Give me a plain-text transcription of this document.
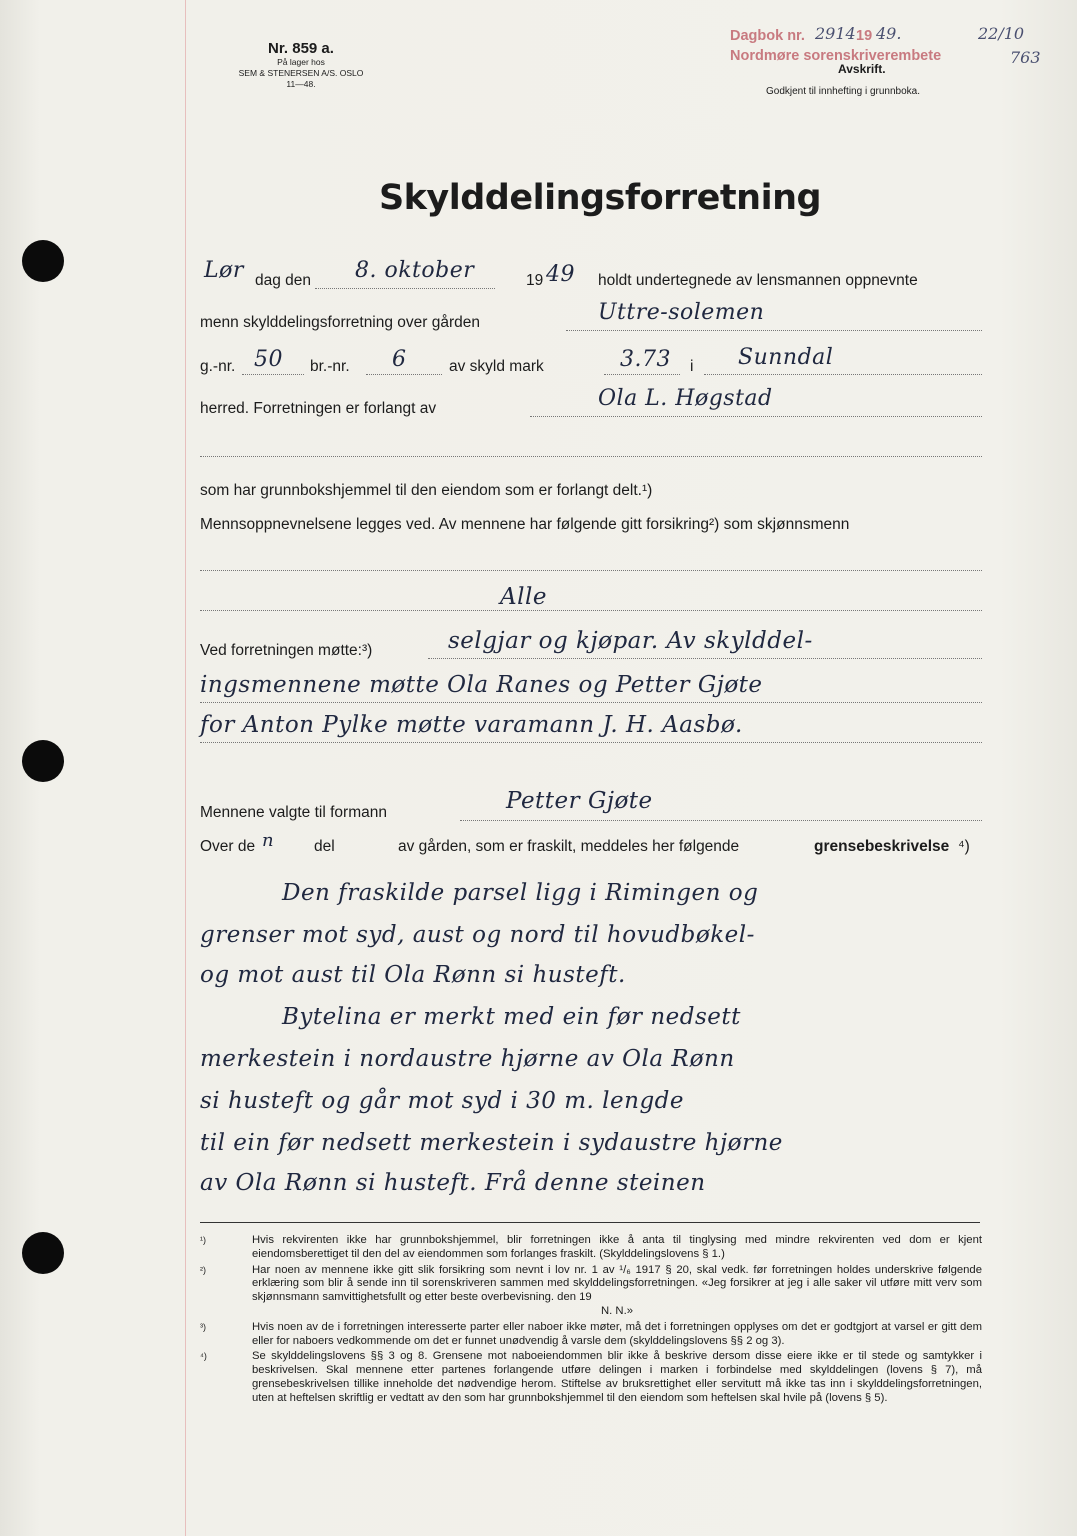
Nr. 859 a.
På lager hos
SEM & STENERSEN A/S. OSLO
11—48.
Dagbok nr.
Nordmøre sorenskriverembete
2914 19 49.	22/10
763
Avskrift.
Godkjent til innhefting i grunnboka.
Skylddelingsforretning
Lør dag den 8. oktober	19 49 holdt undertegnede av lensmannen oppnevnte
menn skylddelingsforretning over gården	Uttre-solemen
g.-nr. 50 br.-nr. 6	av skyld mark	3.73 i Sunndal
herred. Forretningen er forlangt av	Ola L. Høgstad
som har grunnbokshjemmel til den eiendom som er forlangt delt.¹)
Mennsoppnevnelsene legges ved. Av mennene har følgende gitt forsikring²) som skjønnsmenn
Alle
Ved forretningen møtte:³)	selgjar og kjøpar. Av skylddel-
ingsmennene møtte Ola Ranes og Petter Gjøte
for Anton Pylke møtte varamann J. H. Aasbø.
Mennene valgte til formann	Petter Gjøte
Over de n	del	av gården, som er fraskilt, meddeles her følgende	grensebeskrivelse ⁴)
Den fraskilde parsel ligg i Rimingen og
grenser mot syd, aust og nord til hovudbøkel-
og mot aust til Ola Rønn si husteft.
Bytelina er merkt med ein før nedsett
merkestein i nordaustre hjørne av Ola Rønn
si husteft og går mot syd i 30 m. lengde
til ein før nedsett merkestein i sydaustre hjørne
av Ola Rønn si husteft. Frå denne steinen
¹)	Hvis rekvirenten ikke har grunnbokshjemmel, blir forretningen ikke å anta til tinglysing med mindre rekvirenten ved dom er kjent eiendomsberettiget til den del av eiendommen som forlanges fraskilt. (Skylddelingslovens § 1.)
²)	Har noen av mennene ikke gitt slik forsikring som nevnt i lov nr. 1 av ¹/₆ 1917 § 20, skal vedk. før forretningen holdes underskrive følgende erklæring som blir å sende inn til sorenskriveren sammen med skylddelingsforretningen. «Jeg forsikrer at jeg i alle saker vil utføre mitt verv som skjønnsmann samvittighetsfullt og etter beste overbevisning. den 19
N. N.»
³)	Hvis noen av de i forretningen interesserte parter eller naboer ikke møter, må det i forretningen opplyses om det er godtgjort at varsel er gitt dem eller for naboers vedkommende om det er funnet unødvendig å varsle dem (skylddelingslovens §§ 2 og 3).
⁴)	Se skylddelingslovens §§ 3 og 8. Grensene mot naboeiendommen blir ikke å beskrive dersom disse eiere ikke er til stede og samtykker i beskrivelsen. Skal mennene etter partenes forlangende utføre delingen i marken i forbindelse med skylddelingen (lovens § 7), må grensebeskrivelsen tillike inneholde det nødvendige herom. Stiftelse av bruksrettighet eller servitutt må ikke tas inn i skylddelingsforretningen, uten at heftelsen skriftlig er vedtatt av den som har grunnbokshjemmel til den eiendom som heftelsen skal hvile på (lovens § 5).
